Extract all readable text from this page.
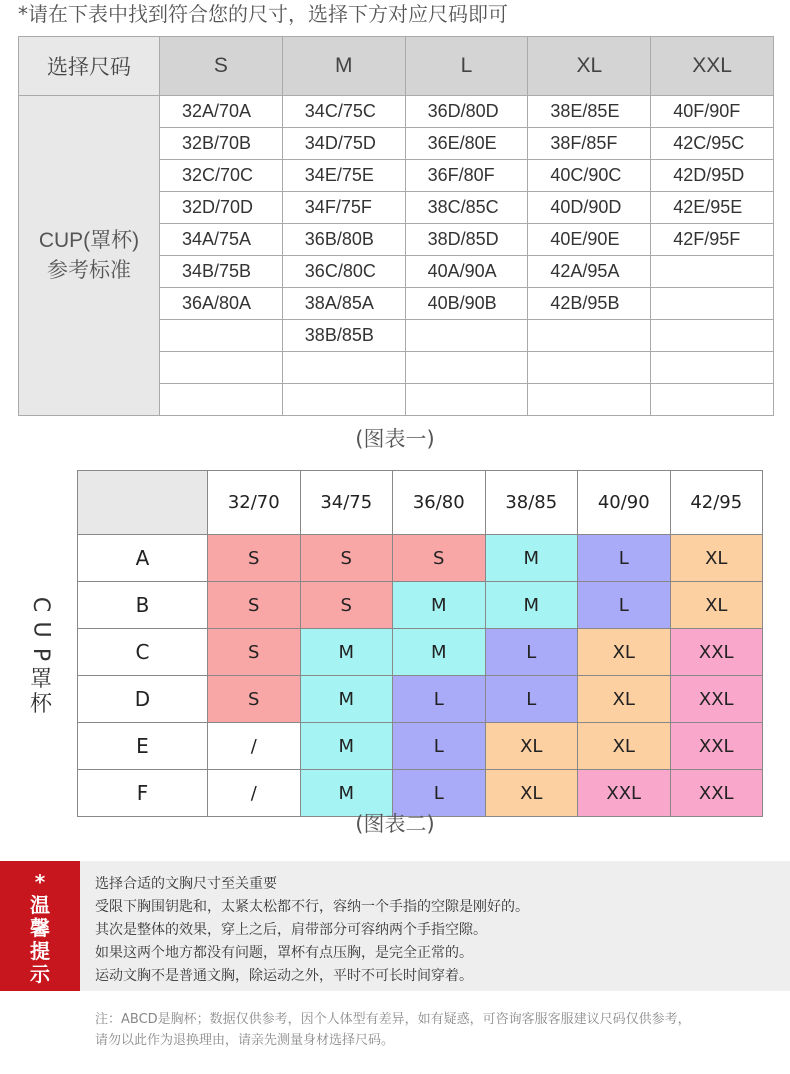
*请在下表中找到符合您的尺寸，选择下方对应尺码即可
选择尺码	S	M	L	XL	XXL

CUP(罩杯)
参考标准	32A/70A	34C/75C	36D/80D	38E/85E	40F/90F
	32B/70B	34D/75D	36E/80E	38F/85F	42C/95C
	32C/70C	34E/75E	36F/80F	40C/90C	42D/95D
	32D/70D	34F/75F	38C/85C	40D/90D	42E/95E
	34A/75A	36B/80B	38D/85D	40E/90E	42F/95F
	34B/75B	36C/80C	40A/90A	42A/95A	
	36A/80A	38A/85A	40B/90B	42B/95B	
		38B/85B			

(图表一)
C
U
P
罩
杯
	32/70	34/75	36/80	38/85	40/90	42/95
A	S	S	S	M	L	XL
B	S	S	M	M	L	XL
C	S	M	M	L	XL	XXL
D	S	M	L	L	XL	XXL
E	/	M	L	XL	XL	XXL
F	/	M	L	XL	XXL	XXL
(图表二)
*
温
馨
提
示
选择合适的文胸尺寸至关重要
受限下胸围钥匙和，太紧太松都不行，容纳一个手指的空隙是刚好的。
其次是整体的效果，穿上之后，肩带部分可容纳两个手指空隙。
如果这两个地方都没有问题，罩杯有点压胸，是完全正常的。
运动文胸不是普通文胸，除运动之外，平时不可长时间穿着。
注：ABCD是胸杯；数据仅供参考，因个人体型有差异，如有疑惑，可咨询客服客服建议尺码仅供参考，
请勿以此作为退换理由，请亲先测量身材选择尺码。
